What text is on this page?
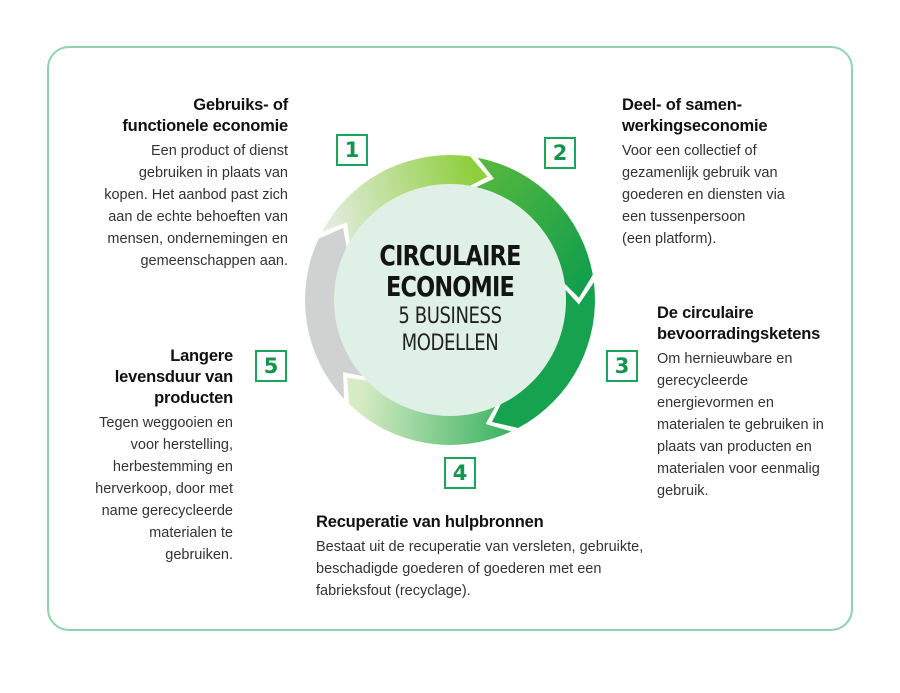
CIRCULAIRE
ECONOMIE
5 BUSINESS
MODELLEN
1	2
3
4
5
Gebruiks- of
functionele economie

Een product of dienst
gebruiken in plaats van
kopen. Het aanbod past zich
aan de echte behoeften van
mensen, ondernemingen en
gemeenschappen aan.

Deel- of samen-
werkingseconomie

Voor een collectief of
gezamenlijk gebruik van
goederen en diensten via
een tussenpersoon
(een platform).

De circulaire
bevoorradingsketens

Om hernieuwbare en
gerecycleerde
energievormen en
materialen te gebruiken in
plaats van producten en
materialen voor eenmalig
gebruik.

Recuperatie van hulpbronnen

Bestaat uit de recuperatie van versleten, gebruikte,
beschadigde goederen of goederen met een
fabrieksfout (recyclage).

Langere
levensduur van
producten

Tegen weggooien en
voor herstelling,
herbestemming en
herverkoop, door met
name gerecycleerde
materialen te
gebruiken.
